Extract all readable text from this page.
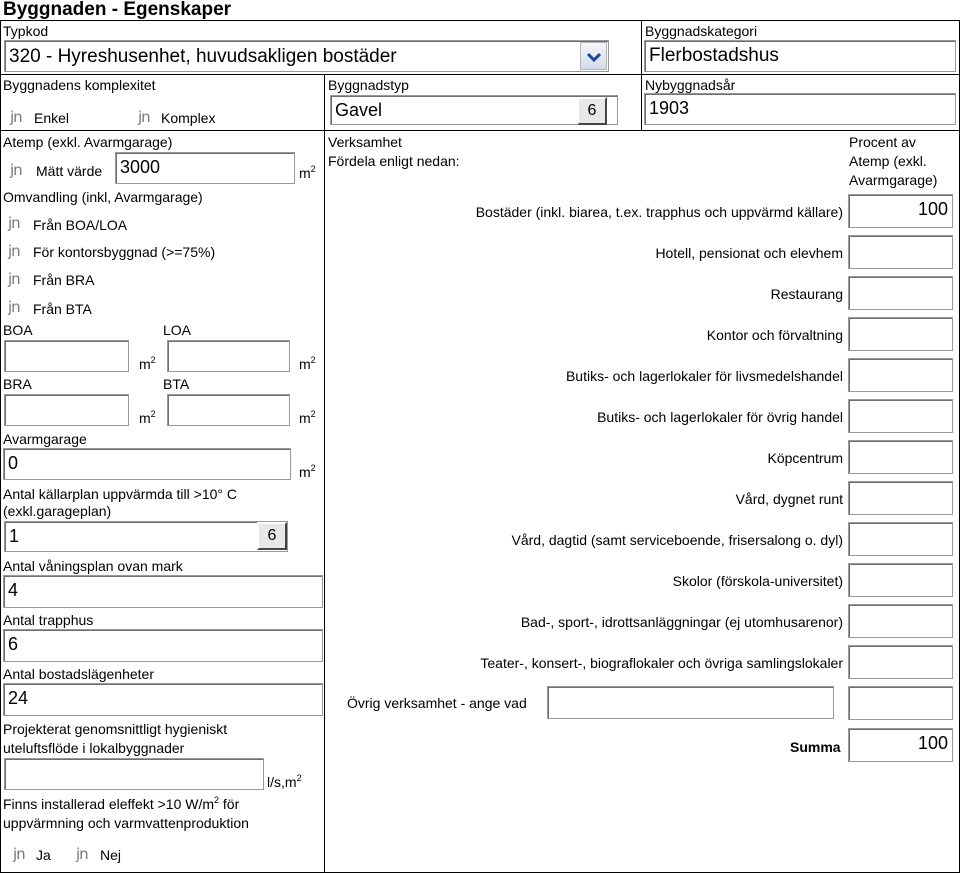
Byggnaden - Egenskaper
Typkod
320 - Hyreshusenhet, huvudsakligen bostäder
Byggnadskategori
Flerbostadshus
Byggnadens komplexitet
jn Enkel	jn Komplex
Byggnadstyp
Gavel	6
Nybyggnadsår
1903
Atemp (exkl. Avarmgarage)
jn Mätt värde 3000	$m^2$
Omvandling (inkl, Avarmgarage)
jn Från BOA/LOA
jn För kontorsbyggnad (>=75%)
jn Från BRA
jn Från BTA
BOA	LOA
$m^2$	$m^2$
BRA	BTA
$m^2$	$m^2$
Avarmgarage
0	$m^2$
Antal källarplan uppvärmda till >10° C
(exkl.garageplan)
1	6
Antal våningsplan ovan mark
4
Antal trapphus
6
Antal bostadslägenheter
24
Projekterat genomsnittligt hygieniskt
uteluftsflöde i lokalbyggnader
$l/s,m^2$
Finns installerad eleffekt >10 $W/m^2$ för
uppvärmning och varmvattenproduktion
jn Ja jn Nej
Verksamhet
Fördela enligt nedan:
Procent av
Atemp (exkl.
Avarmgarage)
Bostäder (inkl. biarea, t.ex. trapphus och uppvärmd källare)	100
Hotell, pensionat och elevhem
Restaurang
Kontor och förvaltning
Butiks- och lagerlokaler för livsmedelshandel
Butiks- och lagerlokaler för övrig handel
Köpcentrum
Vård, dygnet runt
Vård, dagtid (samt serviceboende, frisersalong o. dyl)
Skolor (förskola-universitet)
Bad-, sport-, idrottsanläggningar (ej utomhusarenor)
Teater-, konsert-, biograflokaler och övriga samlingslokaler
Övrig verksamhet - ange vad
Summa	100
